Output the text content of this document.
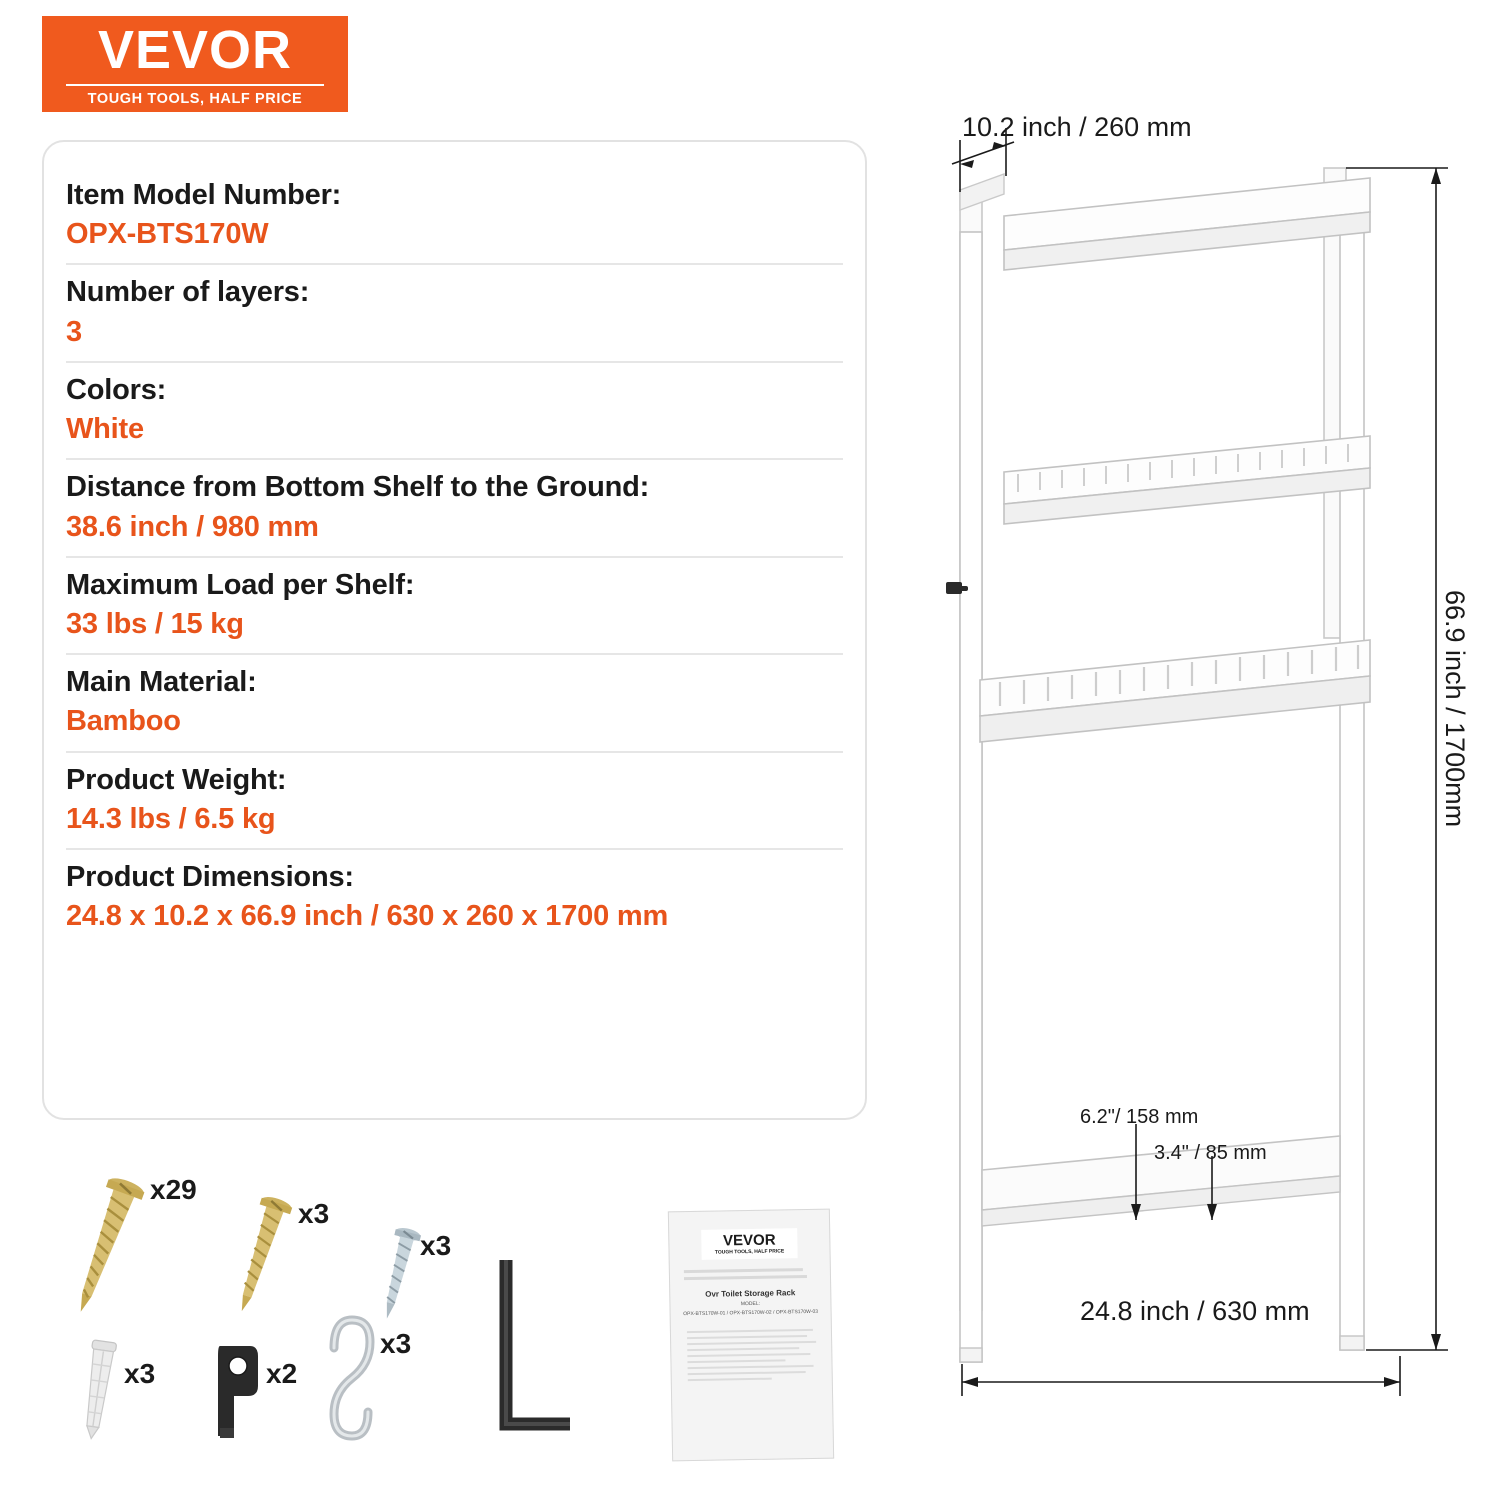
VEVOR
TOUGH TOOLS, HALF PRICE
Item Model Number:
OPX-BTS170W
Number of layers:
3
Colors:
White
Distance from Bottom Shelf to the Ground:
38.6 inch / 980 mm
Maximum Load per Shelf:
33 lbs / 15 kg
Main Material:
Bamboo
Product Weight:
14.3 lbs / 6.5 kg
Product Dimensions:
24.8 x 10.2 x 66.9 inch / 630 x 260 x 1700 mm
x29
x3
x3
x3	x2
x3
VEVOR
TOUGH TOOLS, HALF PRICE
Ovr Toilet Storage Rack
MODEL:
OPX-BTS170W-01 / OPX-BTS170W-02 / OPX-BTS170W-03
10.2 inch / 260 mm
66.9 inch / 1700mm
24.8 inch / 630 mm
6.2"/ 158 mm
3.4" / 85 mm
